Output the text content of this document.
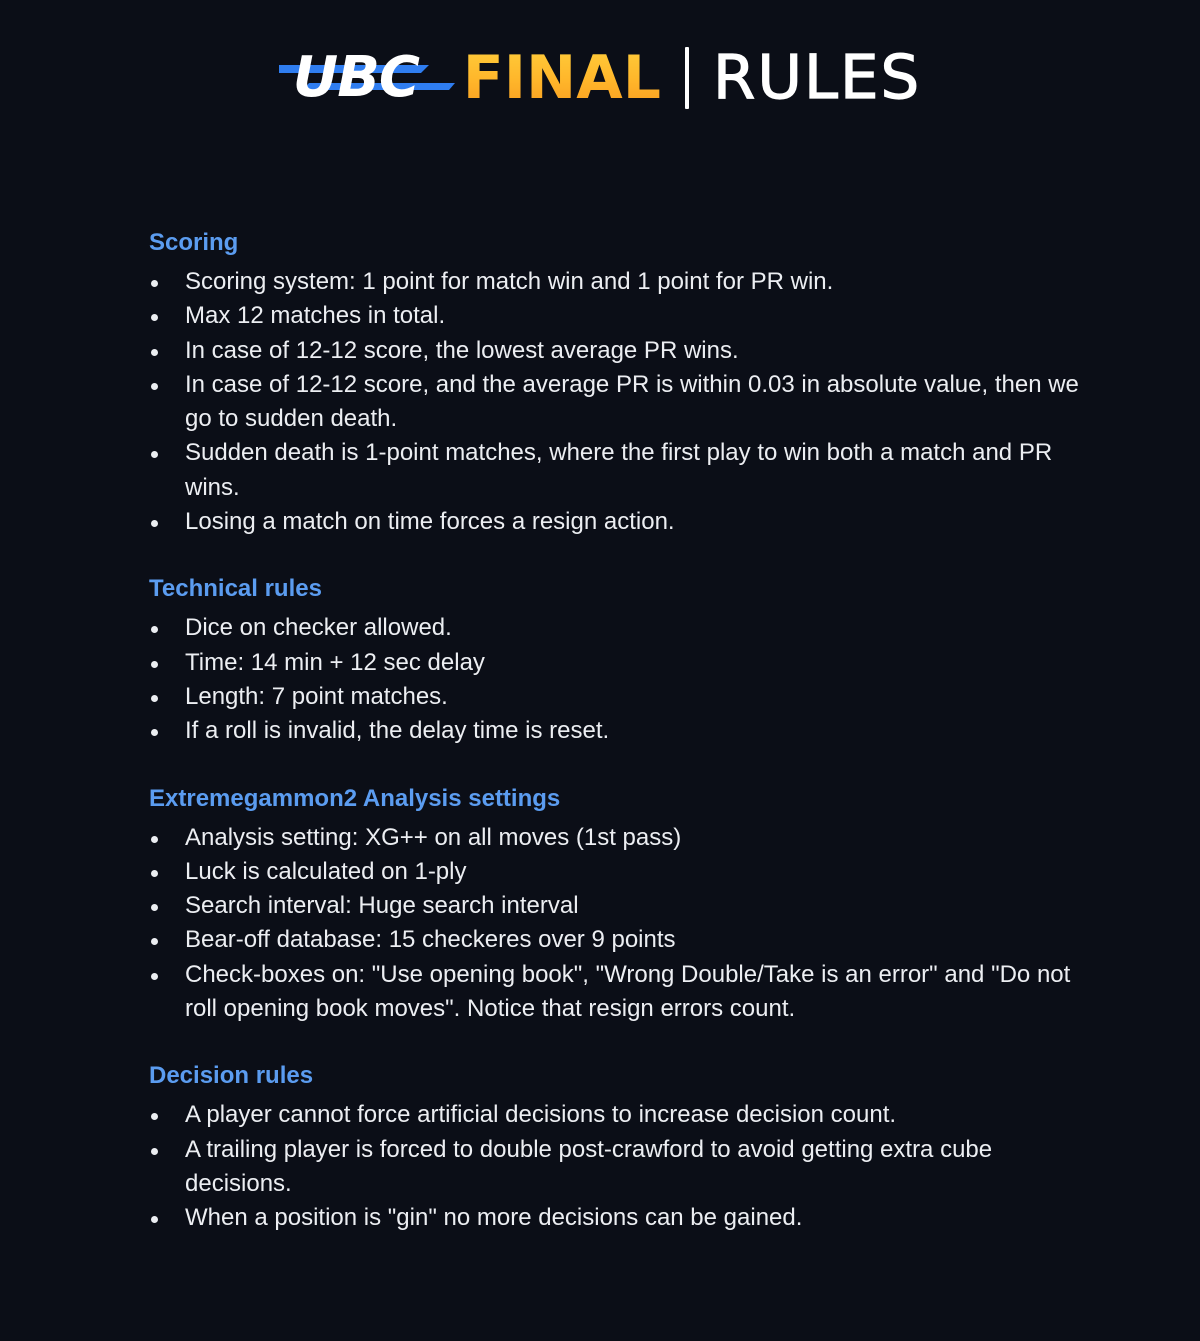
UBC FINAL RULES
Scoring
Scoring system: 1 point for match win and 1 point for PR win.
Max 12 matches in total.
In case of 12-12 score, the lowest average PR wins.
In case of 12-12 score, and the average PR is within 0.03 in absolute value, then we go to sudden death.
Sudden death is 1-point matches, where the first play to win both a match and PR wins.
Losing a match on time forces a resign action.
Technical rules
Dice on checker allowed.
Time: 14 min + 12 sec delay
Length: 7 point matches.
If a roll is invalid, the delay time is reset.
Extremegammon2 Analysis settings
Analysis setting: XG++ on all moves (1st pass)
Luck is calculated on 1-ply
Search interval: Huge search interval
Bear-off database: 15 checkeres over 9 points
Check-boxes on: "Use opening book", "Wrong Double/Take is an error" and "Do not roll opening book moves". Notice that resign errors count.
Decision rules
A player cannot force artificial decisions to increase decision count.
A trailing player is forced to double post-crawford to avoid getting extra cube decisions.
When a position is "gin" no more decisions can be gained.
